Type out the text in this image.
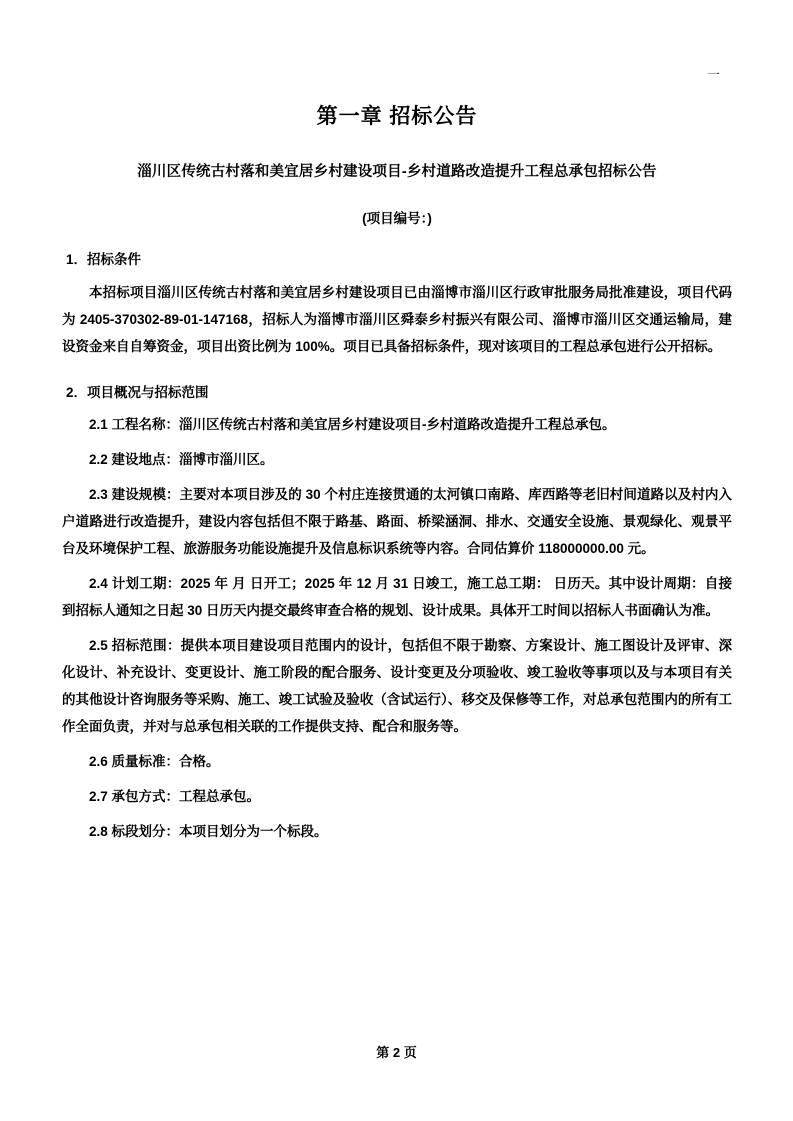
一
第一章 招标公告
淄川区传统古村落和美宜居乡村建设项目-乡村道路改造提升工程总承包招标公告
(项目编号：)
1．招标条件
本招标项目淄川区传统古村落和美宜居乡村建设项目已由淄博市淄川区行政审批服务局批准建设，项目代码为 2405-370302-89-01-147168，招标人为淄博市淄川区舜泰乡村振兴有限公司、淄博市淄川区交通运输局，建设资金来自自筹资金，项目出资比例为 100%。项目已具备招标条件，现对该项目的工程总承包进行公开招标。
2．项目概况与招标范围
2.1 工程名称：淄川区传统古村落和美宜居乡村建设项目-乡村道路改造提升工程总承包。
2.2 建设地点：淄博市淄川区。
2.3 建设规模：主要对本项目涉及的 30 个村庄连接贯通的太河镇口南路、库西路等老旧村间道路以及村内入户道路进行改造提升，建设内容包括但不限于路基、路面、桥梁涵洞、排水、交通安全设施、景观绿化、观景平台及环境保护工程、旅游服务功能设施提升及信息标识系统等内容。合同估算价 118000000.00 元。
2.4 计划工期：2025 年 月 日开工；2025 年 12 月 31 日竣工，施工总工期： 日历天。其中设计周期：自接到招标人通知之日起 30 日历天内提交最终审查合格的规划、设计成果。具体开工时间以招标人书面确认为准。
2.5 招标范围：提供本项目建设项目范围内的设计，包括但不限于勘察、方案设计、施工图设计及评审、深化设计、补充设计、变更设计、施工阶段的配合服务、设计变更及分项验收、竣工验收等事项以及与本项目有关的其他设计咨询服务等采购、施工、竣工试验及验收（含试运行）、移交及保修等工作，对总承包范围内的所有工作全面负责，并对与总承包相关联的工作提供支持、配合和服务等。
2.6 质量标准：合格。
2.7 承包方式：工程总承包。
2.8 标段划分：本项目划分为一个标段。
第 2 页
